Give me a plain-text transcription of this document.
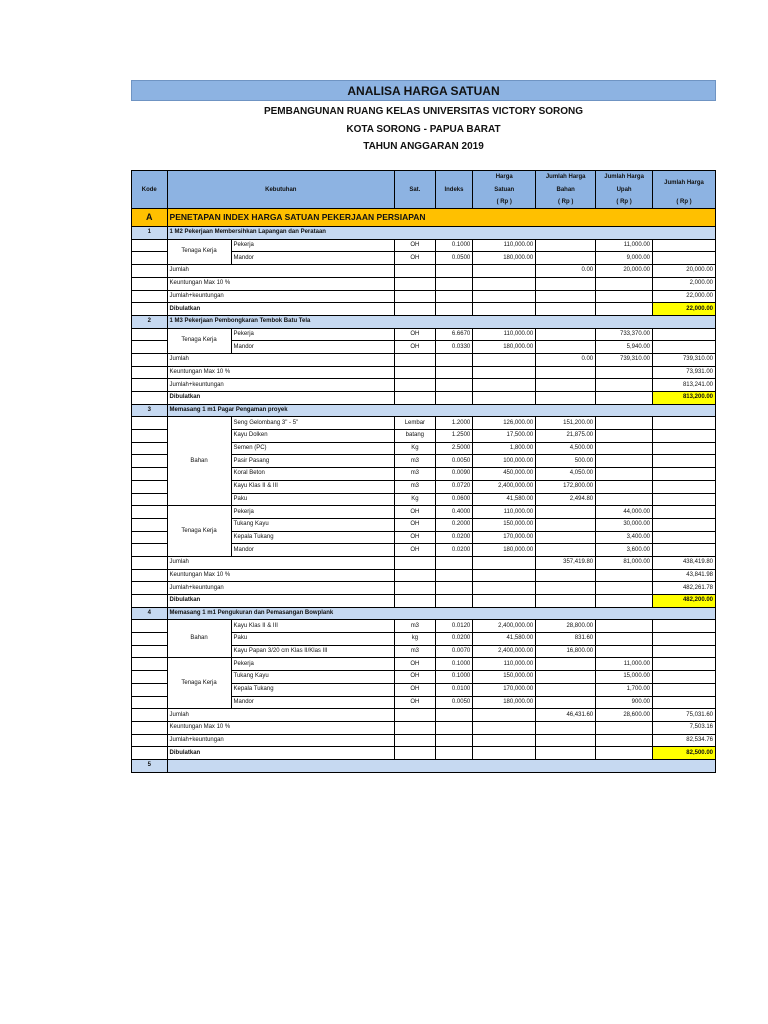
ANALISA HARGA SATUAN
PEMBANGUNAN RUANG KELAS UNIVERSITAS VICTORY SORONG
KOTA SORONG - PAPUA BARAT
TAHUN ANGGARAN 2019
Kode	Kebutuhan		Sat.	Indeks	Harga	Jumlah Harga	Jumlah Harga	Jumlah Harga
					Satuan	Bahan	Upah	
					( Rp )	( Rp )	( Rp )	( Rp )
A	PENETAPAN INDEX HARGA SATUAN PEKERJAAN PERSIAPAN							
1	1 M2 Pekerjaan Membersihkan Lapangan dan Perataan							
	Tenaga Kerja	Pekerja	OH	0.1000	110,000.00		11,000.00	
		Mandor	OH	0.0500	180,000.00		9,000.00	
	Jumlah					0.00	20,000.00	20,000.00
	Keuntungan Max 10 %							2,000.00
	Jumlah+keuntungan							22,000.00
	Dibulatkan							22,000.00
2	1 M3 Pekerjaan Pembongkaran Tembok Batu Tela							
	Tenaga Kerja	Pekerja	OH	6.6670	110,000.00		733,370.00	
		Mandor	OH	0.0330	180,000.00		5,940.00	
	Jumlah					0.00	739,310.00	739,310.00
	Keuntungan Max 10 %							73,931.00
	Jumlah+keuntungan							813,241.00
	Dibulatkan							813,200.00
3	Memasang 1 m1 Pagar Pengaman proyek							
	Bahan	Seng Gelombang 3" - 5"	Lembar	1.2000	126,000.00	151,200.00		
		Kayu Dolken	batang	1.2500	17,500.00	21,875.00		
		Semen (PC)	Kg	2.5000	1,800.00	4,500.00		
		Pasir Pasang	m3	0.0050	100,000.00	500.00		
		Koral Beton	m3	0.0090	450,000.00	4,050.00		
		Kayu Klas II & III	m3	0.0720	2,400,000.00	172,800.00		
		Paku	Kg	0.0600	41,580.00	2,494.80		
	Tenaga Kerja	Pekerja	OH	0.4000	110,000.00		44,000.00	
		Tukang Kayu	OH	0.2000	150,000.00		30,000.00	
		Kepala Tukang	OH	0.0200	170,000.00		3,400.00	
		Mandor	OH	0.0200	180,000.00		3,600.00	
	Jumlah					357,419.80	81,000.00	438,419.80
	Keuntungan Max 10 %							43,841.98
	Jumlah+keuntungan							482,261.78
	Dibulatkan							482,200.00
4	Memasang 1 m1 Pengukuran dan Pemasangan Bowplank							
	Bahan	Kayu Klas II & III	m3	0.0120	2,400,000.00	28,800.00		
		Paku	kg	0.0200	41,580.00	831.60		
		Kayu Papan 3/20 cm Klas II/Klas III	m3	0.0070	2,400,000.00	16,800.00		
	Tenaga Kerja	Pekerja	OH	0.1000	110,000.00		11,000.00	
		Tukang Kayu	OH	0.1000	150,000.00		15,000.00	
		Kepala Tukang	OH	0.0100	170,000.00		1,700.00	
		Mandor	OH	0.0050	180,000.00		900.00	
	Jumlah					46,431.60	28,600.00	75,031.60
	Keuntungan Max 10 %							7,503.16
	Jumlah+keuntungan							82,534.76
	Dibulatkan							82,500.00
5								
